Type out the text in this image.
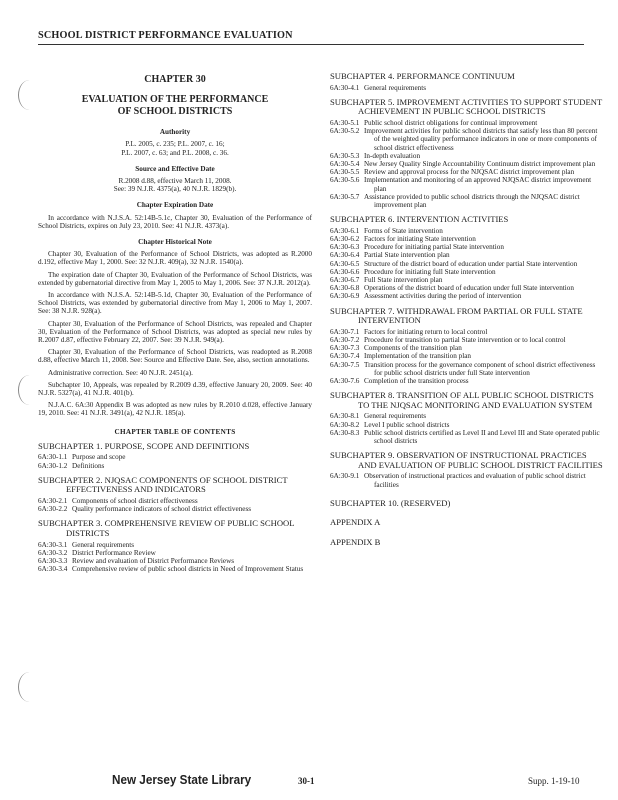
SCHOOL DISTRICT PERFORMANCE EVALUATION
CHAPTER 30
EVALUATION OF THE PERFORMANCE
OF SCHOOL DISTRICTS
Authority
P.L. 2005, c. 235; P.L. 2007, c. 16;
P.L. 2007, c. 63; and P.L. 2008, c. 36.
Source and Effective Date
R.2008 d.88, effective March 11, 2008.
See: 39 N.J.R. 4375(a), 40 N.J.R. 1829(b).
Chapter Expiration Date

In accordance with N.J.S.A. 52:14B-5.1c, Chapter 30, Evaluation of the Performance of School Districts, expires on July 23, 2010. See: 41 N.J.R. 4373(a).

Chapter Historical Note

Chapter 30, Evaluation of the Performance of School Districts, was adopted as R.2000 d.192, effective May 1, 2000. See: 32 N.J.R. 409(a), 32 N.J.R. 1540(a).

The expiration date of Chapter 30, Evaluation of the Performance of School Districts, was extended by gubernatorial directive from May 1, 2005 to May 1, 2006. See: 37 N.J.R. 2012(a).

In accordance with N.J.S.A. 52:14B-5.1d, Chapter 30, Evaluation of the Performance of School Districts, was extended by gubernatorial directive from May 1, 2006 to May 1, 2007. See: 38 N.J.R. 928(a).

Chapter 30, Evaluation of the Performance of School Districts, was repealed and Chapter 30, Evaluation of the Performance of School Districts, was adopted as special new rules by R.2007 d.87, effective February 22, 2007. See: 39 N.J.R. 949(a).

Chapter 30, Evaluation of the Performance of School Districts, was readopted as R.2008 d.88, effective March 11, 2008. See: Source and Effective Date. See, also, section annotations.

Administrative correction. See: 40 N.J.R. 2451(a).

Subchapter 10, Appeals, was repealed by R.2009 d.39, effective January 20, 2009. See: 40 N.J.R. 5327(a), 41 N.J.R. 401(b).

N.J.A.C. 6A:30 Appendix B was adopted as new rules by R.2010 d.028, effective January 19, 2010. See: 41 N.J.R. 3491(a), 42 N.J.R. 185(a).

CHAPTER TABLE OF CONTENTS
SUBCHAPTER 1. PURPOSE, SCOPE AND DEFINITIONS
6A:30-1.1 Purpose and scope
6A:30-1.2 Definitions
SUBCHAPTER 2. NJQSAC COMPONENTS OF SCHOOL DISTRICT EFFECTIVENESS AND INDICATORS
6A:30-2.1 Components of school district effectiveness
6A:30-2.2 Quality performance indicators of school district effectiveness
SUBCHAPTER 3. COMPREHENSIVE REVIEW OF PUBLIC SCHOOL DISTRICTS
6A:30-3.1 General requirements
6A:30-3.2 District Performance Review
6A:30-3.3 Review and evaluation of District Performance Reviews
6A:30-3.4 Comprehensive review of public school districts in Need of Improvement Status
SUBCHAPTER 4. PERFORMANCE CONTINUUM
6A:30-4.1 General requirements
SUBCHAPTER 5. IMPROVEMENT ACTIVITIES TO SUPPORT STUDENT ACHIEVEMENT IN PUBLIC SCHOOL DISTRICTS
6A:30-5.1 Public school district obligations for continual improvement
6A:30-5.2 Improvement activities for public school districts that satisfy less than 80 percent of the weighted quality performance indicators in one or more components of school district effectiveness
6A:30-5.3 In-depth evaluation
6A:30-5.4 New Jersey Quality Single Accountability Continuum district improvement plan
6A:30-5.5 Review and approval process for the NJQSAC district improvement plan
6A:30-5.6 Implementation and monitoring of an approved NJQSAC district improvement plan
6A:30-5.7 Assistance provided to public school districts through the NJQSAC district improvement plan
SUBCHAPTER 6. INTERVENTION ACTIVITIES
6A:30-6.1 Forms of State intervention
6A:30-6.2 Factors for initiating State intervention
6A:30-6.3 Procedure for initiating partial State intervention
6A:30-6.4 Partial State intervention plan
6A:30-6.5 Structure of the district board of education under partial State intervention
6A:30-6.6 Procedure for initiating full State intervention
6A:30-6.7 Full State intervention plan
6A:30-6.8 Operations of the district board of education under full State intervention
6A:30-6.9 Assessment activities during the period of intervention
SUBCHAPTER 7. WITHDRAWAL FROM PARTIAL OR FULL STATE INTERVENTION
6A:30-7.1 Factors for initiating return to local control
6A:30-7.2 Procedure for transition to partial State intervention or to local control
6A:30-7.3 Components of the transition plan
6A:30-7.4 Implementation of the transition plan
6A:30-7.5 Transition process for the governance component of school district effectiveness for public school districts under full State intervention
6A:30-7.6 Completion of the transition process
SUBCHAPTER 8. TRANSITION OF ALL PUBLIC SCHOOL DISTRICTS TO THE NJQSAC MONITORING AND EVALUATION SYSTEM
6A:30-8.1 General requirements
6A:30-8.2 Level I public school districts
6A:30-8.3 Public school districts certified as Level II and Level III and State operated public school districts
SUBCHAPTER 9. OBSERVATION OF INSTRUCTIONAL PRACTICES AND EVALUATION OF PUBLIC SCHOOL DISTRICT FACILITIES
6A:30-9.1 Observation of instructional practices and evaluation of public school district facilities
SUBCHAPTER 10. (RESERVED)
APPENDIX A
APPENDIX B
New Jersey State Library	30-1	Supp. 1-19-10
